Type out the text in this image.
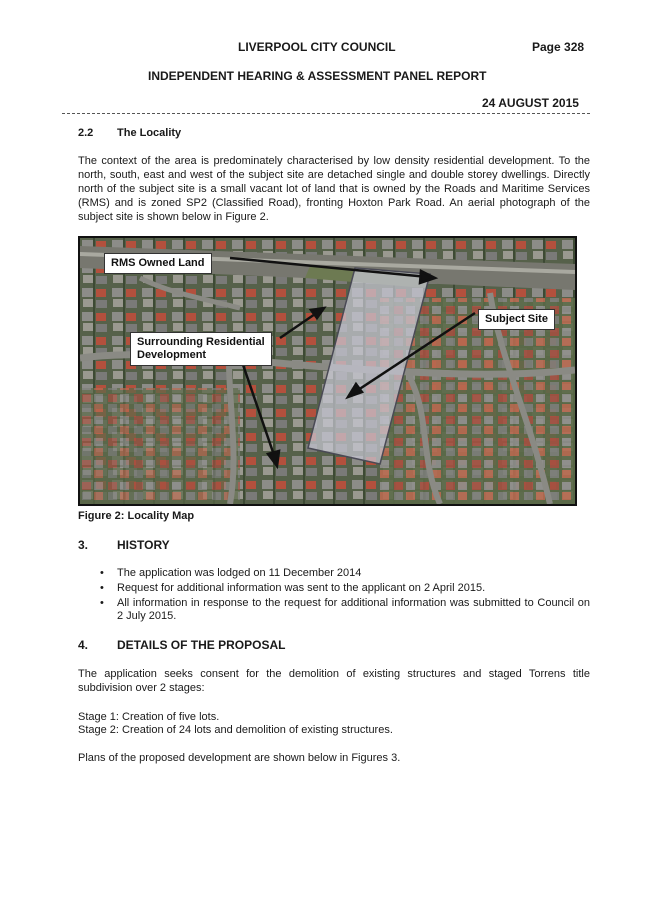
LIVERPOOL CITY COUNCIL	Page 328
INDEPENDENT HEARING & ASSESSMENT PANEL REPORT
24 AUGUST 2015
2.2 The Locality
The context of the area is predominately characterised by low density residential development. To the north, south, east and west of the subject site are detached single and double storey dwellings. Directly north of the subject site is a small vacant lot of land that is owned by the Roads and Maritime Services (RMS) and is zoned SP2 (Classified Road), fronting Hoxton Park Road. An aerial photograph of the subject site is shown below in Figure 2.
RMS Owned Land
Subject Site
Surrounding Residential
Development
Figure 2: Locality Map
3. HISTORY
• The application was lodged on 11 December 2014
• Request for additional information was sent to the applicant on 2 April 2015.
• All information in response to the request for additional information was submitted to Council on 2 July 2015.
4. DETAILS OF THE PROPOSAL
The application seeks consent for the demolition of existing structures and staged Torrens title subdivision over 2 stages:
Stage 1: Creation of five lots.
Stage 2: Creation of 24 lots and demolition of existing structures.
Plans of the proposed development are shown below in Figures 3.
